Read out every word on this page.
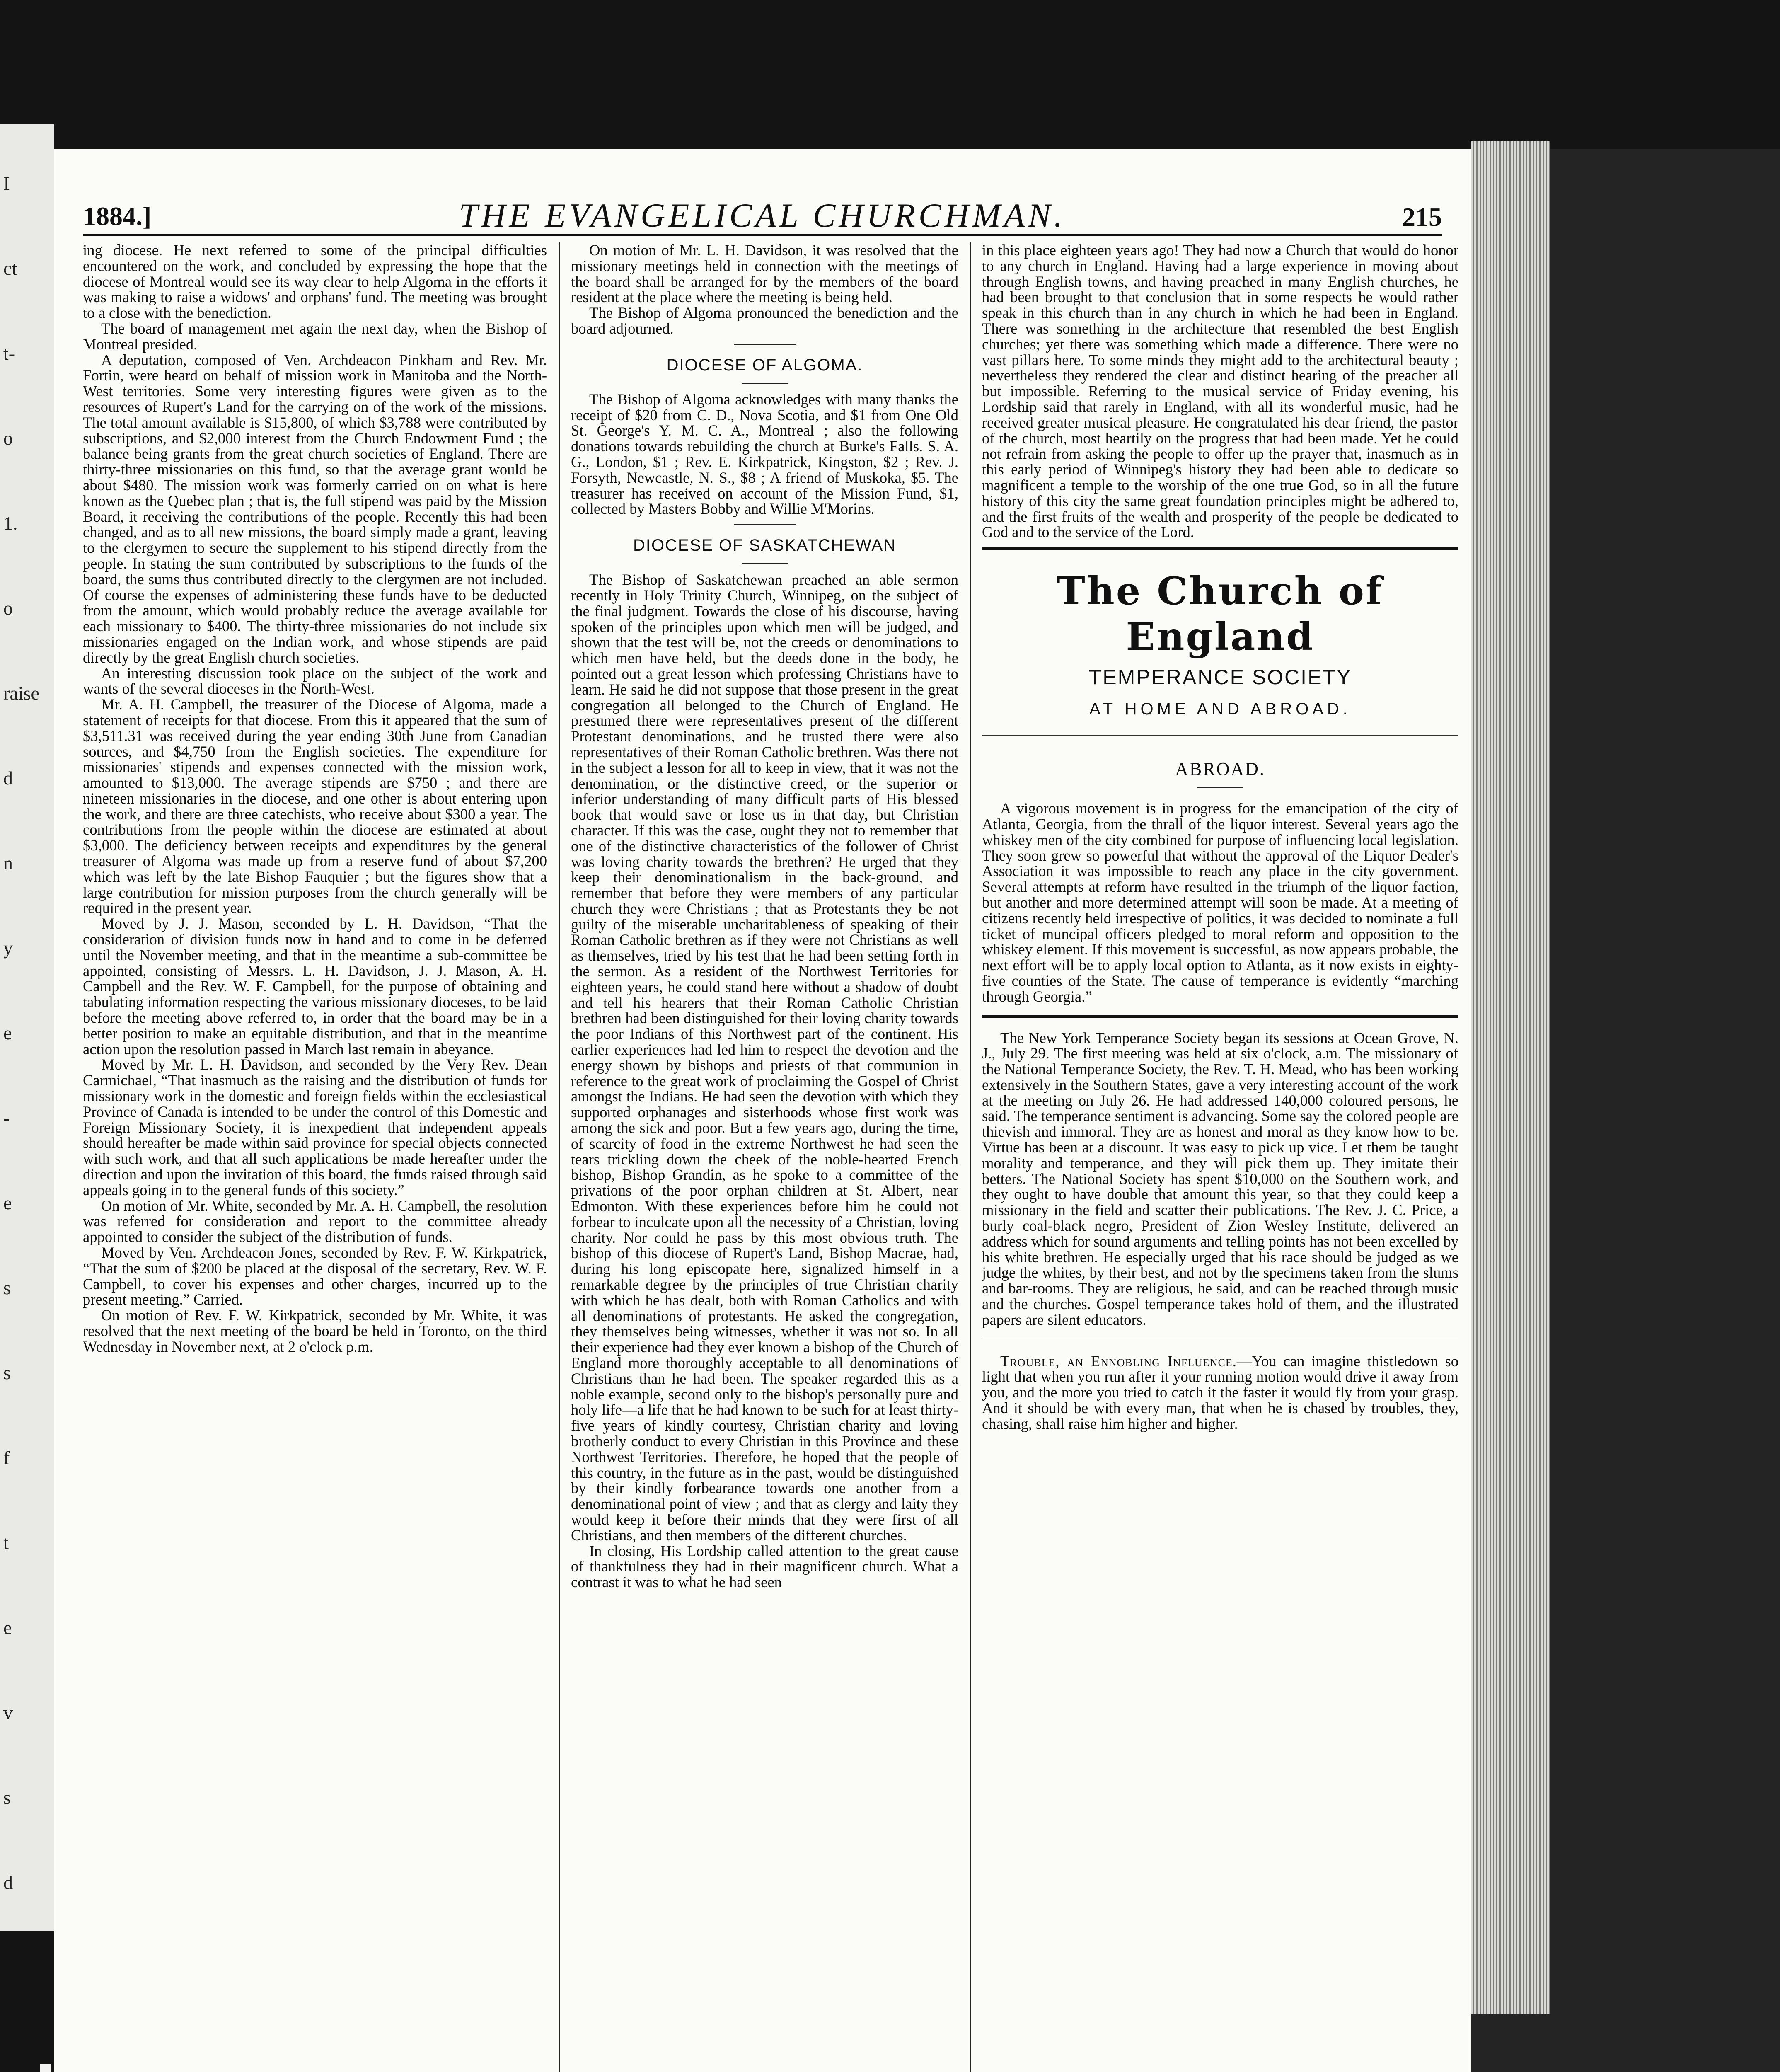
I
ct
t-
o
1.
o
raise
d
n
y
e
-
e
s
s
f
t
e
v
s
d
1884.]	THE EVANGELICAL CHURCHMAN.	215

ing diocese. He next referred to some of the principal difficulties encountered on the work, and concluded by expressing the hope that the diocese of Montreal would see its way clear to help Algoma in the efforts it was making to raise a widows' and orphans' fund. The meeting was brought to a close with the benediction.

The board of management met again the next day, when the Bishop of Montreal presided.

A deputation, composed of Ven. Archdeacon Pinkham and Rev. Mr. Fortin, were heard on behalf of mission work in Manitoba and the North-West territories. Some very interesting figures were given as to the resources of Rupert's Land for the carrying on of the work of the missions. The total amount available is $15,800, of which $3,788 were contributed by subscriptions, and $2,000 interest from the Church Endowment Fund ; the balance being grants from the great church societies of England. There are thirty-three missionaries on this fund, so that the average grant would be about $480. The mission work was formerly carried on on what is here known as the Quebec plan ; that is, the full stipend was paid by the Mission Board, it receiving the contributions of the people. Recently this had been changed, and as to all new missions, the board simply made a grant, leaving to the clergymen to secure the supplement to his stipend directly from the people. In stating the sum contributed by subscriptions to the funds of the board, the sums thus contributed directly to the clergymen are not included. Of course the expenses of administering these funds have to be deducted from the amount, which would probably reduce the average available for each missionary to $400. The thirty-three missionaries do not include six missionaries engaged on the Indian work, and whose stipends are paid directly by the great English church societies.

An interesting discussion took place on the subject of the work and wants of the several dioceses in the North-West.

Mr. A. H. Campbell, the treasurer of the Diocese of Algoma, made a statement of receipts for that diocese. From this it appeared that the sum of $3,511.31 was received during the year ending 30th June from Canadian sources, and $4,750 from the English societies. The expenditure for missionaries' stipends and expenses connected with the mission work, amounted to $13,000. The average stipends are $750 ; and there are nineteen missionaries in the diocese, and one other is about entering upon the work, and there are three catechists, who receive about $300 a year. The contributions from the people within the diocese are estimated at about $3,000. The deficiency between receipts and expenditures by the general treasurer of Algoma was made up from a reserve fund of about $7,200 which was left by the late Bishop Fauquier ; but the figures show that a large contribution for mission purposes from the church generally will be required in the present year.

Moved by J. J. Mason, seconded by L. H. Davidson, “That the consideration of division funds now in hand and to come in be deferred until the November meeting, and that in the meantime a sub-committee be appointed, consisting of Messrs. L. H. Davidson, J. J. Mason, A. H. Campbell and the Rev. W. F. Campbell, for the purpose of obtaining and tabulating information respecting the various missionary dioceses, to be laid before the meeting above referred to, in order that the board may be in a better position to make an equitable distribution, and that in the meantime action upon the resolution passed in March last remain in abeyance.

Moved by Mr. L. H. Davidson, and seconded by the Very Rev. Dean Carmichael, “That inasmuch as the raising and the distribution of funds for missionary work in the domestic and foreign fields within the ecclesiastical Province of Canada is intended to be under the control of this Domestic and Foreign Missionary Society, it is inexpedient that independent appeals should hereafter be made within said province for special objects connected with such work, and that all such applications be made hereafter under the direction and upon the invitation of this board, the funds raised through said appeals going in to the general funds of this society.”

On motion of Mr. White, seconded by Mr. A. H. Campbell, the resolution was referred for consideration and report to the committee already appointed to consider the subject of the distribution of funds.

Moved by Ven. Archdeacon Jones, seconded by Rev. F. W. Kirkpatrick, “That the sum of $200 be placed at the disposal of the secretary, Rev. W. F. Campbell, to cover his expenses and other charges, incurred up to the present meeting.” Carried.

On motion of Rev. F. W. Kirkpatrick, seconded by Mr. White, it was resolved that the next meeting of the board be held in Toronto, on the third Wednesday in November next, at 2 o'clock p.m.

On motion of Mr. L. H. Davidson, it was resolved that the missionary meetings held in connection with the meetings of the board shall be arranged for by the members of the board resident at the place where the meeting is being held.

The Bishop of Algoma pronounced the benediction and the board adjourned.

DIOCESE OF ALGOMA.

The Bishop of Algoma acknowledges with many thanks the receipt of $20 from C. D., Nova Scotia, and $1 from One Old St. George's Y. M. C. A., Montreal ; also the following donations towards rebuilding the church at Burke's Falls. S. A. G., London, $1 ; Rev. E. Kirkpatrick, Kingston, $2 ; Rev. J. Forsyth, Newcastle, N. S., $8 ; A friend of Muskoka, $5. The treasurer has received on account of the Mission Fund, $1, collected by Masters Bobby and Willie M'Morins.

DIOCESE OF SASKATCHEWAN

The Bishop of Saskatchewan preached an able sermon recently in Holy Trinity Church, Winnipeg, on the subject of the final judgment. Towards the close of his discourse, having spoken of the principles upon which men will be judged, and shown that the test will be, not the creeds or denominations to which men have held, but the deeds done in the body, he pointed out a great lesson which professing Christians have to learn. He said he did not suppose that those present in the great congregation all belonged to the Church of England. He presumed there were representatives present of the different Protestant denominations, and he trusted there were also representatives of their Roman Catholic brethren. Was there not in the subject a lesson for all to keep in view, that it was not the denomination, or the distinctive creed, or the superior or inferior understanding of many difficult parts of His blessed book that would save or lose us in that day, but Christian character. If this was the case, ought they not to remember that one of the distinctive characteristics of the follower of Christ was loving charity towards the brethren? He urged that they keep their denominationalism in the back-ground, and remember that before they were members of any particular church they were Christians ; that as Protestants they be not guilty of the miserable uncharitableness of speaking of their Roman Catholic brethren as if they were not Christians as well as themselves, tried by his test that he had been setting forth in the sermon. As a resident of the Northwest Territories for eighteen years, he could stand here without a shadow of doubt and tell his hearers that their Roman Catholic Christian brethren had been distinguished for their loving charity towards the poor Indians of this Northwest part of the continent. His earlier experiences had led him to respect the devotion and the energy shown by bishops and priests of that communion in reference to the great work of proclaiming the Gospel of Christ amongst the Indians. He had seen the devotion with which they supported orphanages and sisterhoods whose first work was among the sick and poor. But a few years ago, during the time, of scarcity of food in the extreme Northwest he had seen the tears trickling down the cheek of the noble-hearted French bishop, Bishop Grandin, as he spoke to a committee of the privations of the poor orphan children at St. Albert, near Edmonton. With these experiences before him he could not forbear to inculcate upon all the necessity of a Christian, loving charity. Nor could he pass by this most obvious truth. The bishop of this diocese of Rupert's Land, Bishop Macrae, had, during his long episcopate here, signalized himself in a remarkable degree by the principles of true Christian charity with which he has dealt, both with Roman Catholics and with all denominations of protestants. He asked the congregation, they themselves being witnesses, whether it was not so. In all their experience had they ever known a bishop of the Church of England more thoroughly acceptable to all denominations of Christians than he had been. The speaker regarded this as a noble example, second only to the bishop's personally pure and holy life—a life that he had known to be such for at least thirty-five years of kindly courtesy, Christian charity and loving brotherly conduct to every Christian in this Province and these Northwest Territories. Therefore, he hoped that the people of this country, in the future as in the past, would be distinguished by their kindly forbearance towards one another from a denominational point of view ; and that as clergy and laity they would keep it before their minds that they were first of all Christians, and then members of the different churches.

In closing, His Lordship called attention to the great cause of thankfulness they had in their magnificent church. What a contrast it was to what he had seen

in this place eighteen years ago! They had now a Church that would do honor to any church in England. Having had a large experience in moving about through English towns, and having preached in many English churches, he had been brought to that conclusion that in some respects he would rather speak in this church than in any church in which he had been in England. There was something in the architecture that resembled the best English churches; yet there was something which made a difference. There were no vast pillars here. To some minds they might add to the architectural beauty ; nevertheless they rendered the clear and distinct hearing of the preacher all but impossible. Referring to the musical service of Friday evening, his Lordship said that rarely in England, with all its wonderful music, had he received greater musical pleasure. He congratulated his dear friend, the pastor of the church, most heartily on the progress that had been made. Yet he could not refrain from asking the people to offer up the prayer that, inasmuch as in this early period of Winnipeg's history they had been able to dedicate so magnificent a temple to the worship of the one true God, so in all the future history of this city the same great foundation principles might be adhered to, and the first fruits of the wealth and prosperity of the people be dedicated to God and to the service of the Lord.

The Church of England
TEMPERANCE SOCIETY
AT HOME AND ABROAD.
ABROAD.

A vigorous movement is in progress for the emancipation of the city of Atlanta, Georgia, from the thrall of the liquor interest. Several years ago the whiskey men of the city combined for purpose of influencing local legislation. They soon grew so powerful that without the approval of the Liquor Dealer's Association it was impossible to reach any place in the city government. Several attempts at reform have resulted in the triumph of the liquor faction, but another and more determined attempt will soon be made. At a meeting of citizens recently held irrespective of politics, it was decided to nominate a full ticket of muncipal officers pledged to moral reform and opposition to the whiskey element. If this movement is successful, as now appears probable, the next effort will be to apply local option to Atlanta, as it now exists in eighty-five counties of the State. The cause of temperance is evidently “marching through Georgia.”

The New York Temperance Society began its sessions at Ocean Grove, N. J., July 29. The first meeting was held at six o'clock, a.m. The missionary of the National Temperance Society, the Rev. T. H. Mead, who has been working extensively in the Southern States, gave a very interesting account of the work at the meeting on July 26. He had addressed 140,000 coloured persons, he said. The temperance sentiment is advancing. Some say the colored people are thievish and immoral. They are as honest and moral as they know how to be. Virtue has been at a discount. It was easy to pick up vice. Let them be taught morality and temperance, and they will pick them up. They imitate their betters. The National Society has spent $10,000 on the Southern work, and they ought to have double that amount this year, so that they could keep a missionary in the field and scatter their publications. The Rev. J. C. Price, a burly coal-black negro, President of Zion Wesley Institute, delivered an address which for sound arguments and telling points has not been excelled by his white brethren. He especially urged that his race should be judged as we judge the whites, by their best, and not by the specimens taken from the slums and bar-rooms. They are religious, he said, and can be reached through music and the churches. Gospel temperance takes hold of them, and the illustrated papers are silent educators.

Trouble, an Ennobling Influence.—You can imagine thistledown so light that when you run after it your running motion would drive it away from you, and the more you tried to catch it the faster it would fly from your grasp. And it should be with every man, that when he is chased by troubles, they, chasing, shall raise him higher and higher.
